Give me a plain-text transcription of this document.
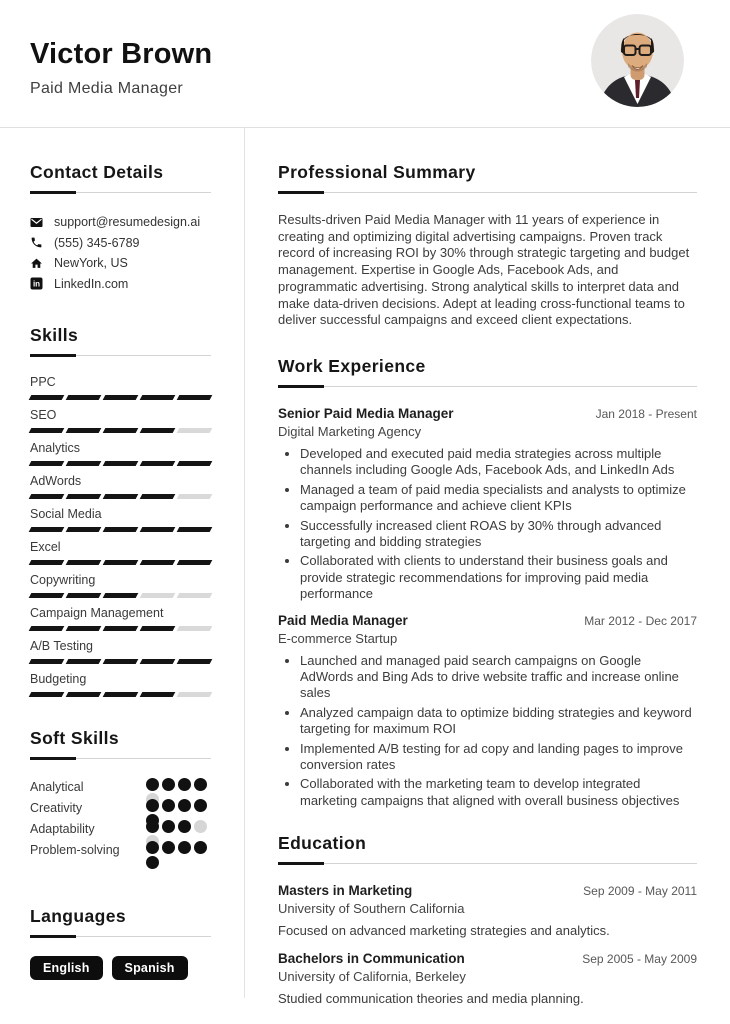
Victor Brown
Paid Media Manager
Contact Details
support@resumedesign.ai
(555) 345-6789
NewYork, US
in LinkedIn.com
Skills
PPC
SEO
Analytics
AdWords
Social Media
Excel
Copywriting
Campaign Management
A/B Testing
Budgeting
Soft Skills
Analytical
Creativity
Adaptability
Problem-solving
Languages
English	Spanish
Professional Summary

Results-driven Paid Media Manager with 11 years of experience in creating and optimizing digital advertising campaigns. Proven track record of increasing ROI by 30% through strategic targeting and budget management. Expertise in Google Ads, Facebook Ads, and programmatic advertising. Strong analytical skills to interpret data and make data-driven decisions. Adept at leading cross-functional teams to deliver successful campaigns and exceed client expectations.

Work Experience
Senior Paid Media Manager	Jan 2018 - Present
Digital Marketing Agency
• Developed and executed paid media strategies across multiple channels including Google Ads, Facebook Ads, and LinkedIn Ads
• Managed a team of paid media specialists and analysts to optimize campaign performance and achieve client KPIs
• Successfully increased client ROAS by 30% through advanced targeting and bidding strategies
• Collaborated with clients to understand their business goals and provide strategic recommendations for improving paid media performance
Paid Media Manager	Mar 2012 - Dec 2017
E-commerce Startup
• Launched and managed paid search campaigns on Google AdWords and Bing Ads to drive website traffic and increase online sales
• Analyzed campaign data to optimize bidding strategies and keyword targeting for maximum ROI
• Implemented A/B testing for ad copy and landing pages to improve conversion rates
• Collaborated with the marketing team to develop integrated marketing campaigns that aligned with overall business objectives
Education
Masters in Marketing	Sep 2009 - May 2011
University of Southern California
Focused on advanced marketing strategies and analytics.
Bachelors in Communication	Sep 2005 - May 2009
University of California, Berkeley
Studied communication theories and media planning.
